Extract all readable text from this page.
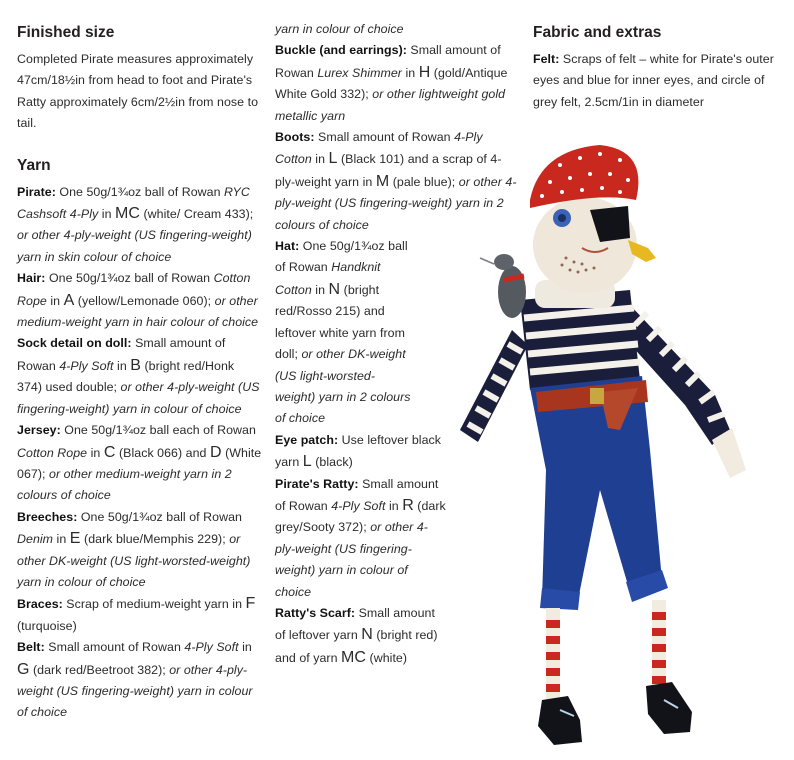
Finished size

Completed Pirate measures approximately 47cm/18½in from head to foot and Pirate's Ratty approximately 6cm/2½in from nose to tail.

Yarn

Pirate: One 50g/1¾oz ball of Rowan RYC Cashsoft 4-Ply in MC (white/ Cream 433); or other 4-ply-weight (US fingering-weight) yarn in skin colour of choice

Hair: One 50g/1¾oz ball of Rowan Cotton Rope in A (yellow/Lemonade 060); or other medium-weight yarn in hair colour of choice

Sock detail on doll: Small amount of Rowan 4-Ply Soft in B (bright red/Honk 374) used double; or other 4-ply-weight (US fingering-weight) yarn in colour of choice

Jersey: One 50g/1¾oz ball each of Rowan Cotton Rope in C (Black 066) and D (White 067); or other medium-weight yarn in 2 colours of choice

Breeches: One 50g/1¾oz ball of Rowan Denim in E (dark blue/Memphis 229); or other DK-weight (US light-worsted-weight) yarn in colour of choice

Braces: Scrap of medium-weight yarn in F (turquoise)

Belt: Small amount of Rowan 4-Ply Soft in G (dark red/Beetroot 382); or other 4-ply-weight (US fingering-weight) yarn in colour of choice

yarn in colour of choice

Buckle (and earrings): Small amount of Rowan Lurex Shimmer in H (gold/Antique White Gold 332); or other lightweight gold metallic yarn

Boots: Small amount of Rowan 4-Ply Cotton in L (Black 101) and a scrap of 4-ply-weight yarn in M (pale blue); or other 4-ply-weight (US fingering-weight) yarn in 2 colours of choice

Hat: One 50g/1¾oz ball of Rowan Handknit Cotton in N (bright red/Rosso 215) and leftover white yarn from doll; or other DK-weight (US light-worsted-weight) yarn in 2 colours of choice

Eye patch: Use leftover black yarn L (black)

Pirate's Ratty: Small amount of Rowan 4-Ply Soft in R (dark grey/Sooty 372); or other 4-ply-weight (US fingering-weight) yarn in colour of choice

Ratty's Scarf: Small amount of leftover yarn N (bright red) and of yarn MC (white)

Fabric and extras

Felt: Scraps of felt – white for Pirate's outer eyes and blue for inner eyes, and circle of grey felt, 2.5cm/1in in diameter
